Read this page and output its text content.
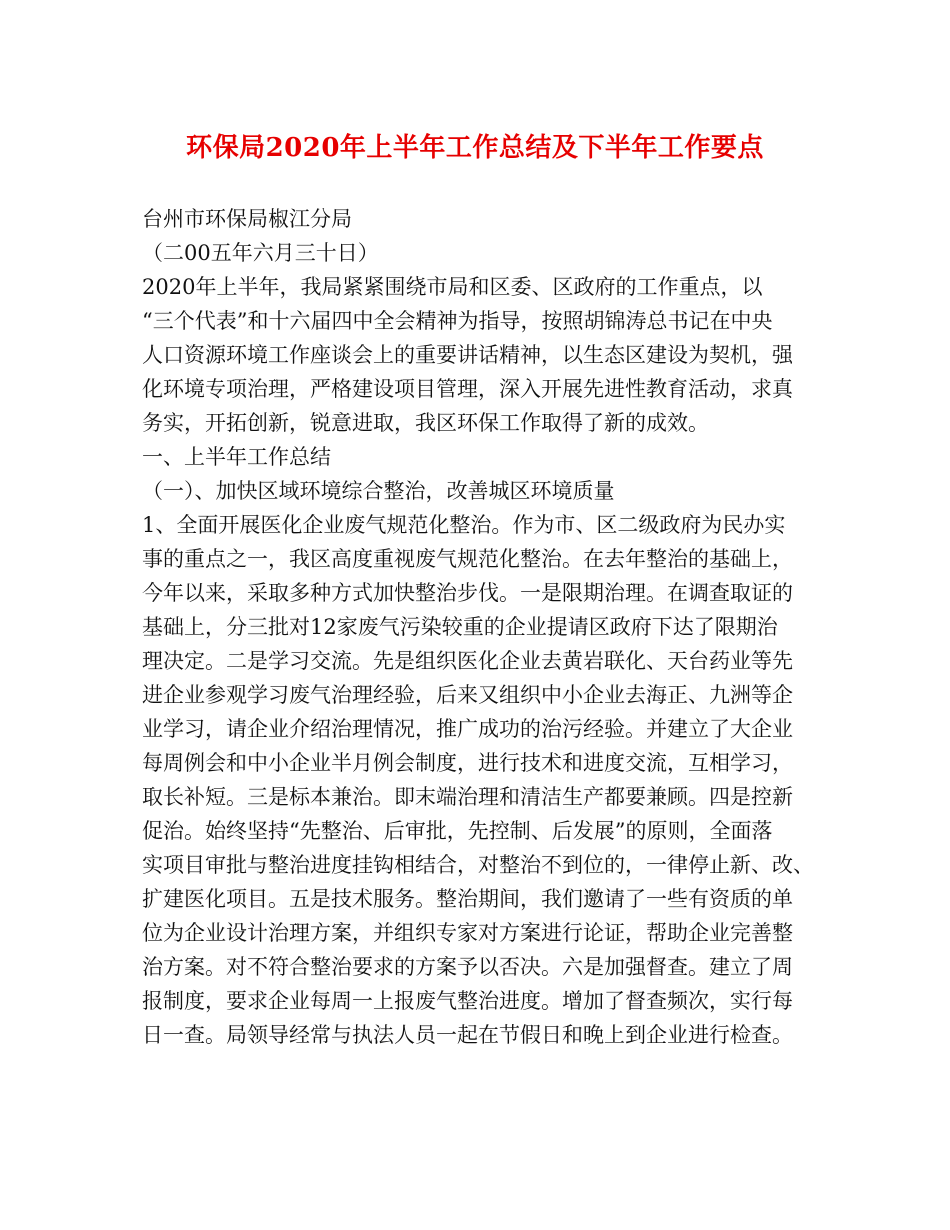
环保局2020年上半年工作总结及下半年工作要点
台州市环保局椒江分局
（二00五年六月三十日）
2020年上半年，我局紧紧围绕市局和区委、区政府的工作重点，以
“三个代表”和十六届四中全会精神为指导，按照胡锦涛总书记在中央
人口资源环境工作座谈会上的重要讲话精神，以生态区建设为契机，强
化环境专项治理，严格建设项目管理，深入开展先进性教育活动，求真
务实，开拓创新，锐意进取，我区环保工作取得了新的成效。
一、上半年工作总结
（一）、加快区域环境综合整治，改善城区环境质量
1、全面开展医化企业废气规范化整治。作为市、区二级政府为民办实
事的重点之一，我区高度重视废气规范化整治。在去年整治的基础上，
今年以来，采取多种方式加快整治步伐。一是限期治理。在调查取证的
基础上，分三批对12家废气污染较重的企业提请区政府下达了限期治
理决定。二是学习交流。先是组织医化企业去黄岩联化、天台药业等先
进企业参观学习废气治理经验，后来又组织中小企业去海正、九洲等企
业学习，请企业介绍治理情况，推广成功的治污经验。并建立了大企业
每周例会和中小企业半月例会制度，进行技术和进度交流，互相学习，
取长补短。三是标本兼治。即末端治理和清洁生产都要兼顾。四是控新
促治。始终坚持“先整治、后审批，先控制、后发展”的原则，全面落
实项目审批与整治进度挂钩相结合，对整治不到位的，一律停止新、改、
扩建医化项目。五是技术服务。整治期间，我们邀请了一些有资质的单
位为企业设计治理方案，并组织专家对方案进行论证，帮助企业完善整
治方案。对不符合整治要求的方案予以否决。六是加强督查。建立了周
报制度，要求企业每周一上报废气整治进度。增加了督查频次，实行每
日一查。局领导经常与执法人员一起在节假日和晚上到企业进行检查。
